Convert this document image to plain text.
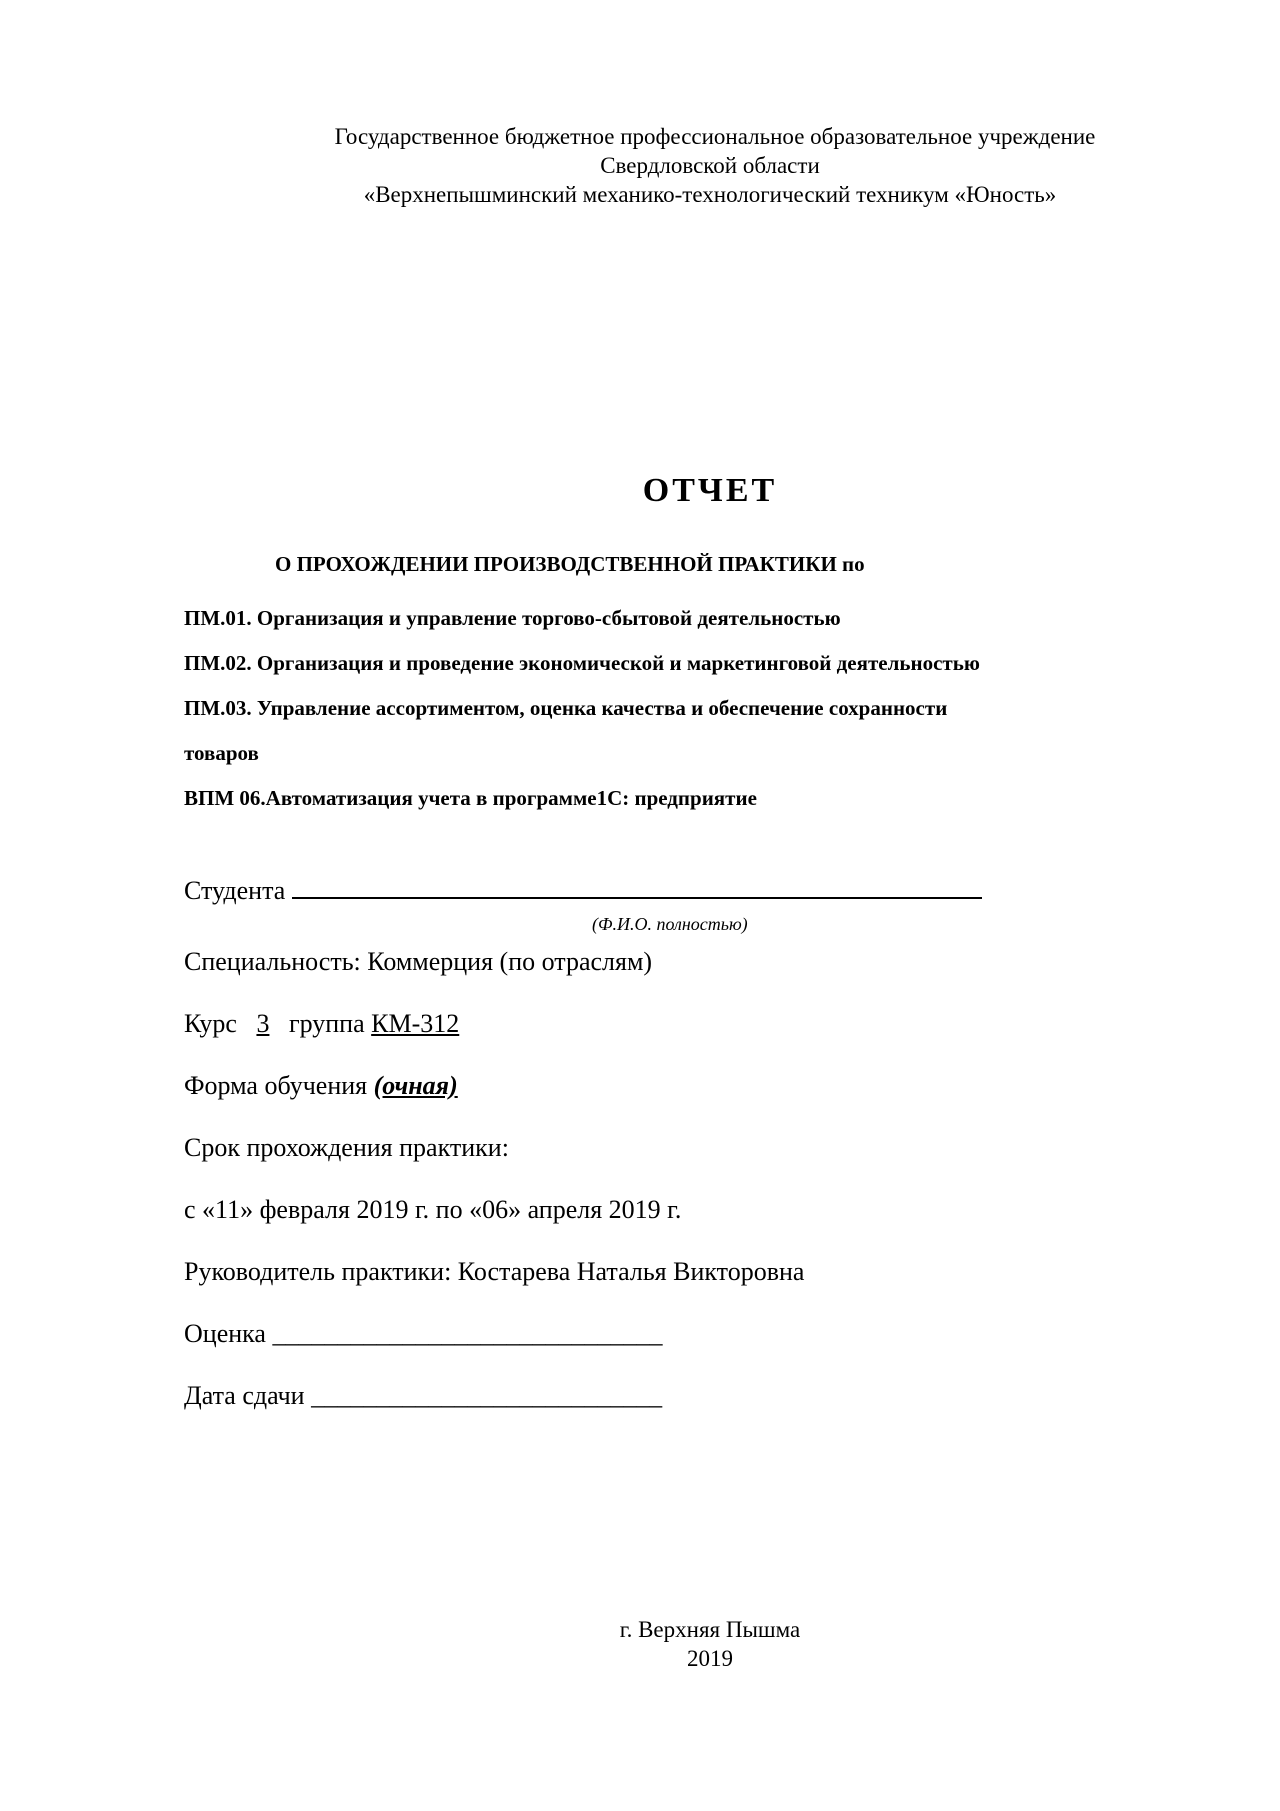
Государственное бюджетное профессиональное образовательное учреждение
Свердловской области
«Верхнепышминский механико-технологический техникум «Юность»
ОТЧЕТ
О ПРОХОЖДЕНИИ ПРОИЗВОДСТВЕННОЙ ПРАКТИКИ по
ПМ.01. Организация и управление торгово-сбытовой деятельностью
ПМ.02. Организация и проведение экономической и маркетинговой деятельностью
ПМ.03. Управление ассортиментом, оценка качества и обеспечение сохранности
товаров
ВПМ 06.Автоматизация учета в программе1С: предприятие
Студента
Специальность: Коммерция (по отраслям)
Курс 3 группа КМ-312
Форма обучения (очная)
Срок прохождения практики:
с «11» февраля 2019 г. по «06» апреля 2019 г.
Руководитель практики: Костарева Наталья Викторовна
Оценка ______________________________
Дата сдачи ___________________________
(Ф.И.О. полностью)
г. Верхняя Пышма
2019
